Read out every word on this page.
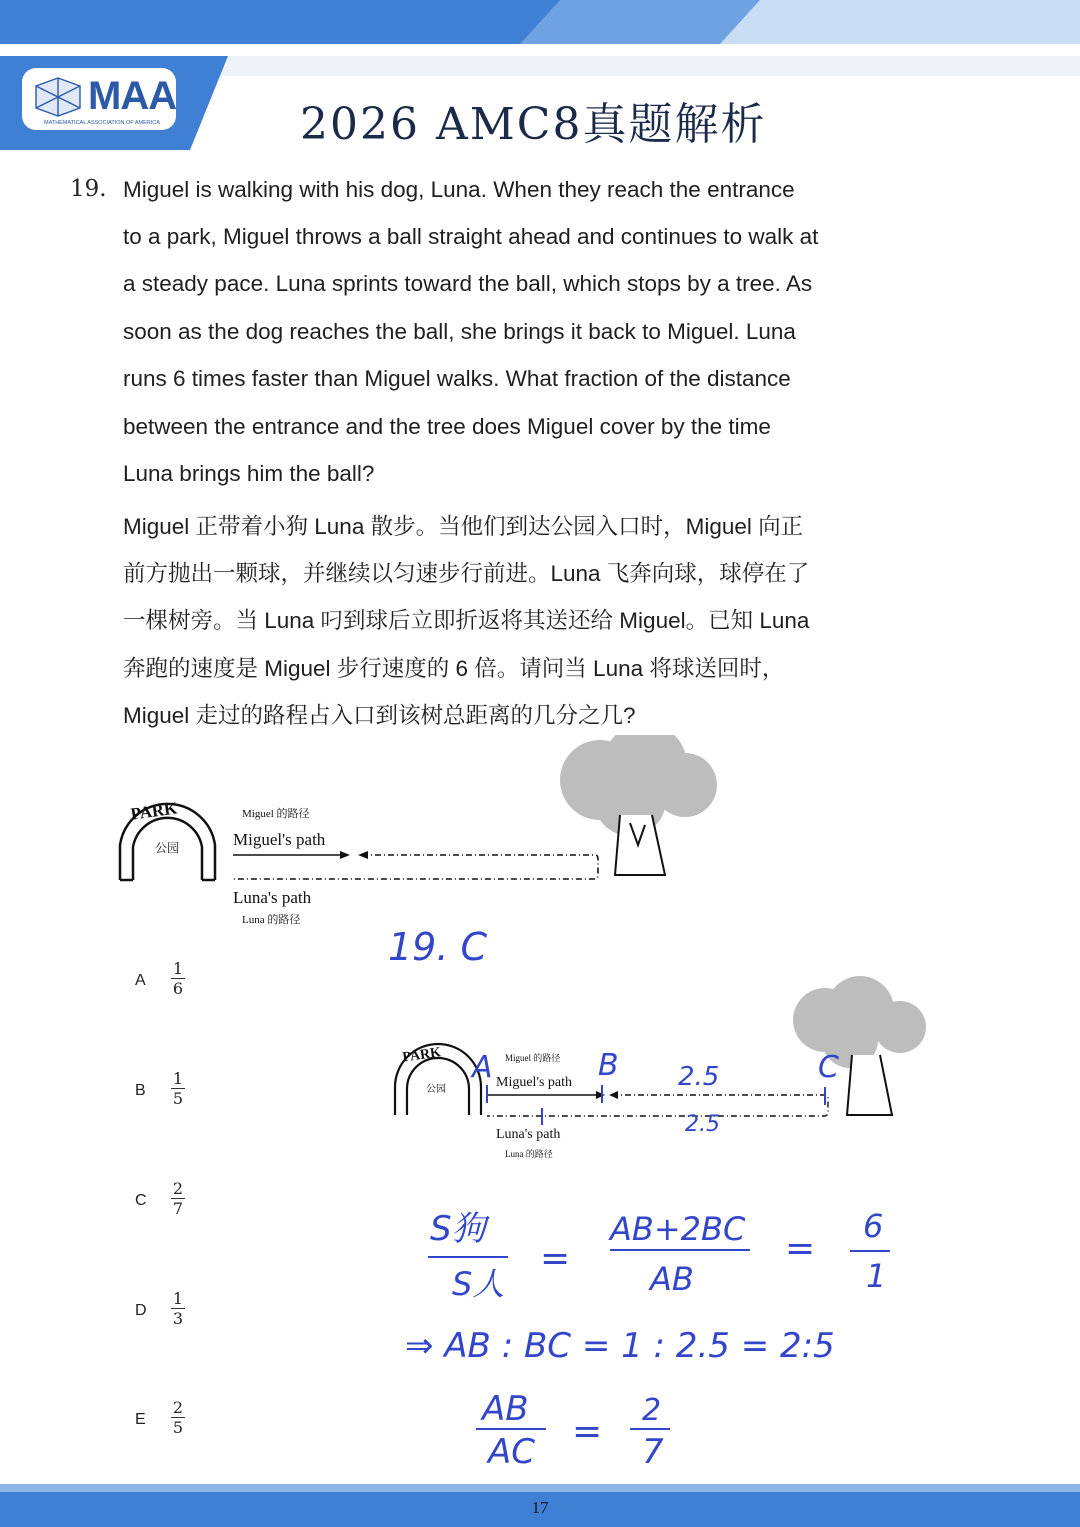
MAA
MATHEMATICAL ASSOCIATION OF AMERICA	2026 AMC8真题解析
19. Miguel is walking with his dog, Luna. When they reach the entrance
to a park, Miguel throws a ball straight ahead and continues to walk at
a steady pace. Luna sprints toward the ball, which stops by a tree. As
soon as the dog reaches the ball, she brings it back to Miguel. Luna
runs 6 times faster than Miguel walks. What fraction of the distance
between the entrance and the tree does Miguel cover by the time
Luna brings him the ball?
Miguel 正带着小狗 Luna 散步。当他们到达公园入口时，Miguel 向正
前方抛出一颗球，并继续以匀速步行前进。Luna 飞奔向球，球停在了
一棵树旁。当 Luna 叼到球后立即折返将其送还给 Miguel。已知 Luna
奔跑的速度是 Miguel 步行速度的 6 倍。请问当 Luna 将球送回时，
Miguel 走过的路程占入口到该树总距离的几分之几?
PARK
公园
Miguel 的路径
Miguel's path
Luna's path
Luna 的路径
A $\frac{1}{6}$
B $\frac{1}{5}$
C $\frac{2}{7}$
D $\frac{1}{3}$
E $\frac{2}{5}$
19. C
PARK
公园
Miguel 的路径
Miguel's path
Luna's path
Luna 的路径
A	B	C
2.5
2.5
S狗
S人
=
AB+2BC
AB
=
6
1
⇒ AB : BC = 1 : 2.5 = 2:5
AB
AC =
2
7
17
